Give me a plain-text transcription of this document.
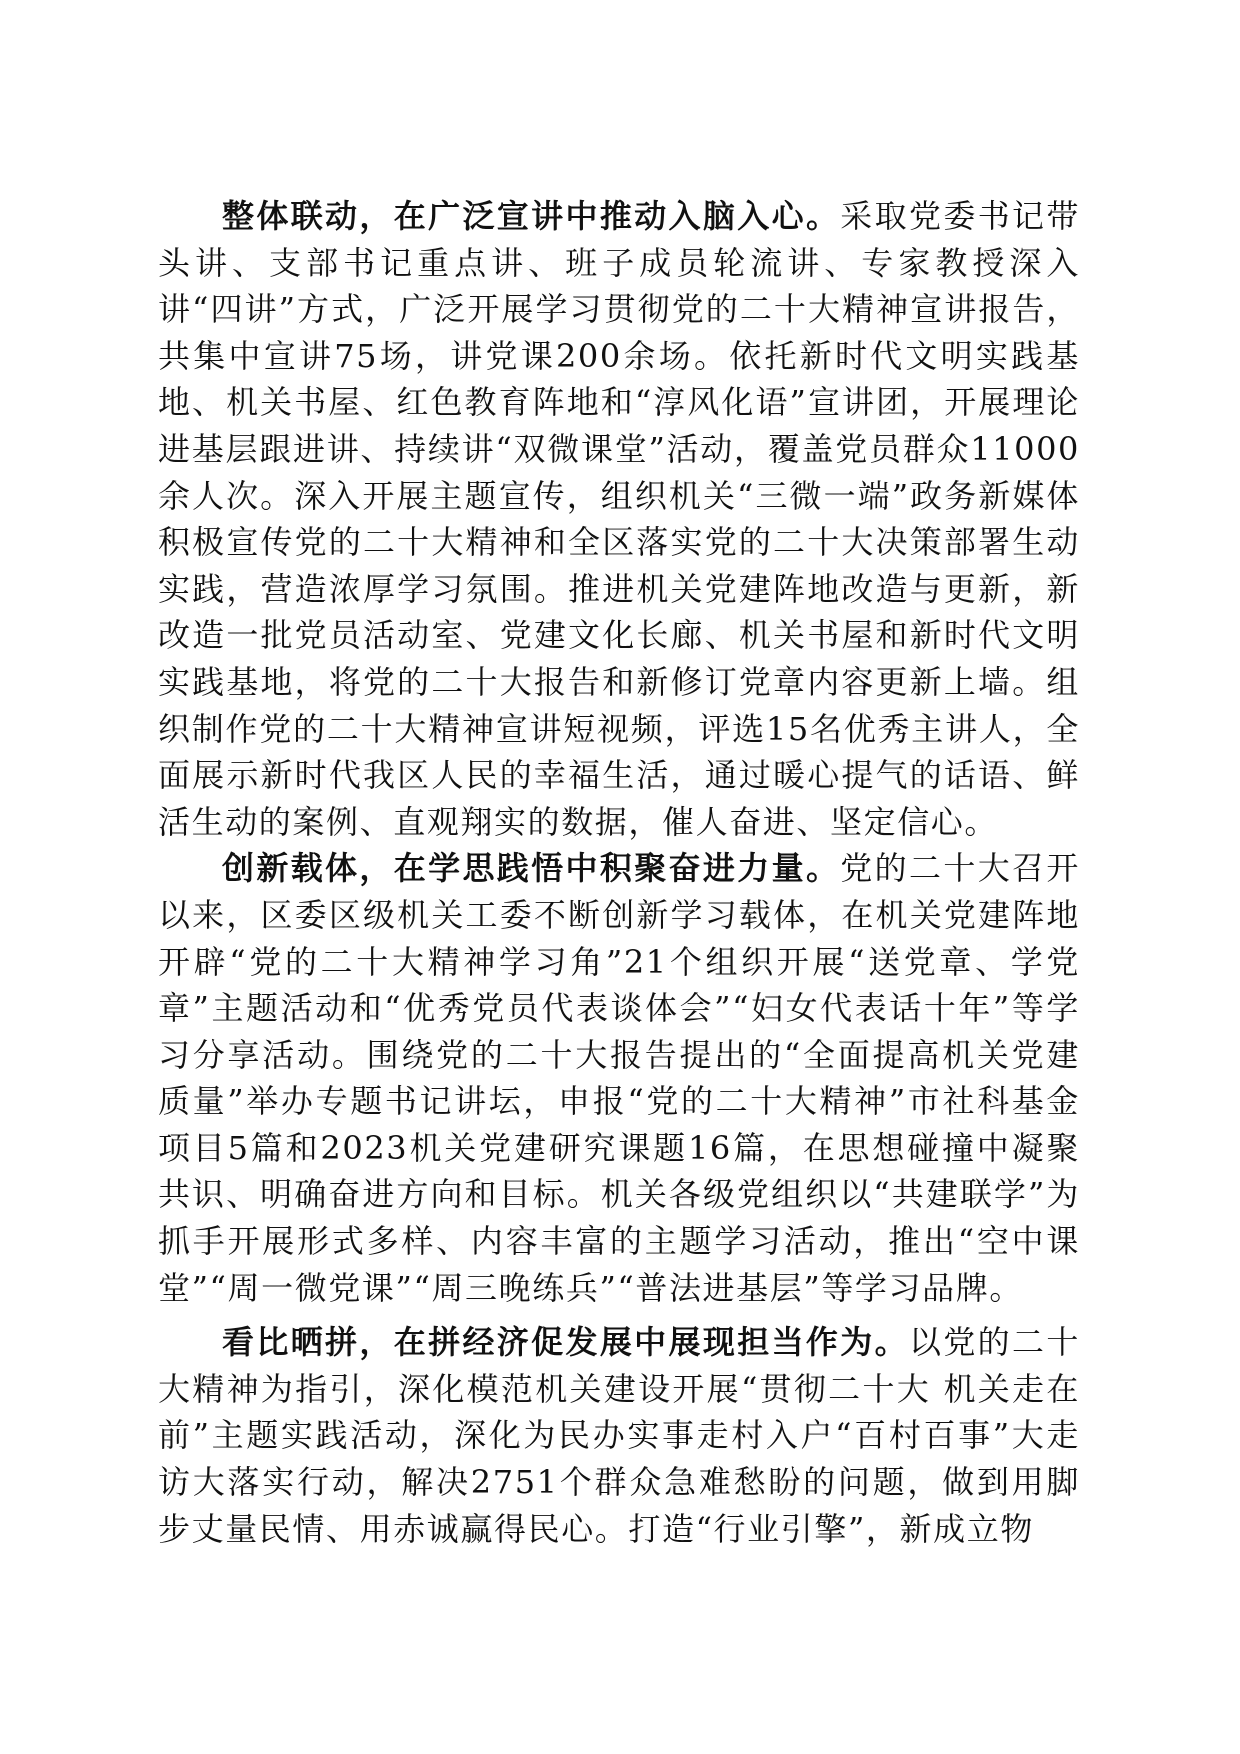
整体联动，在广泛宣讲中推动入脑入心。采取党委书记带头讲、支部书记重点讲、班子成员轮流讲、专家教授深入讲“四讲”方式，广泛开展学习贯彻党的二十大精神宣讲报告，共集中宣讲75场，讲党课200余场。依托新时代文明实践基地、机关书屋、红色教育阵地和“淳风化语”宣讲团，开展理论进基层跟进讲、持续讲“双微课堂”活动，覆盖党员群众11000余人次。深入开展主题宣传，组织机关“三微一端”政务新媒体积极宣传党的二十大精神和全区落实党的二十大决策部署生动实践，营造浓厚学习氛围。推进机关党建阵地改造与更新，新改造一批党员活动室、党建文化长廊、机关书屋和新时代文明实践基地，将党的二十大报告和新修订党章内容更新上墙。组织制作党的二十大精神宣讲短视频，评选15名优秀主讲人，全面展示新时代我区人民的幸福生活，通过暖心提气的话语、鲜活生动的案例、直观翔实的数据，催人奋进、坚定信心。

创新载体，在学思践悟中积聚奋进力量。党的二十大召开以来，区委区级机关工委不断创新学习载体，在机关党建阵地开辟“党的二十大精神学习角”21个组织开展“送党章、学党章”主题活动和“优秀党员代表谈体会”“妇女代表话十年”等学习分享活动。围绕党的二十大报告提出的“全面提高机关党建质量”举办专题书记讲坛，申报“党的二十大精神”市社科基金项目5篇和2023机关党建研究课题16篇，在思想碰撞中凝聚共识、明确奋进方向和目标。机关各级党组织以“共建联学”为抓手开展形式多样、内容丰富的主题学习活动，推出“空中课堂”“周一微党课”“周三晚练兵”“普法进基层”等学习品牌。

看比晒拼，在拼经济促发展中展现担当作为。以党的二十大精神为指引，深化模范机关建设开展“贯彻二十大 机关走在前”主题实践活动，深化为民办实事走村入户“百村百事”大走访大落实行动，解决2751个群众急难愁盼的问题，做到用脚步丈量民情、用赤诚赢得民心。打造“行业引擎”，新成立物
